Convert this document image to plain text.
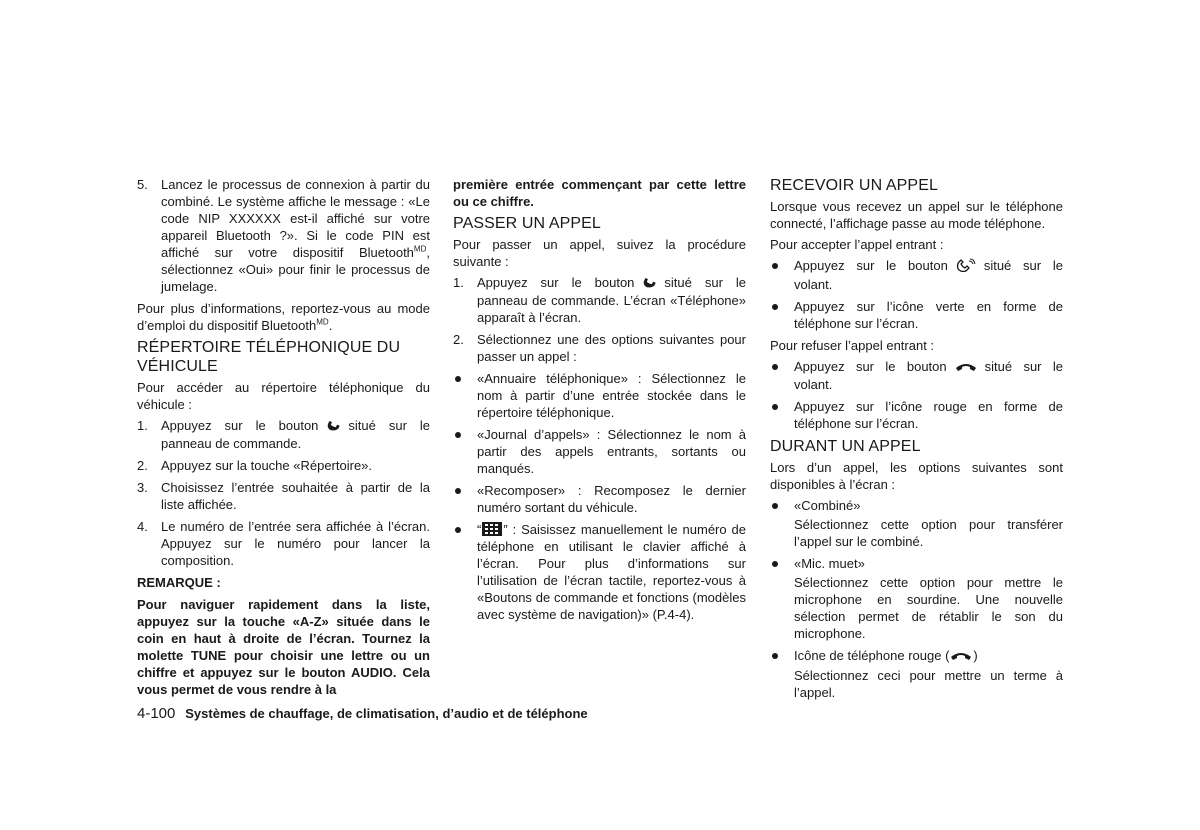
5. Lancez le processus de connexion à partir du combiné. Le système affiche le message : «Le code NIP XXXXXX est-il affiché sur votre appareil Bluetooth ?». Si le code PIN est affiché sur votre dispositif Bluetooth$^{MD}$, sélectionnez «Oui» pour finir le processus de jumelage.

Pour plus d’informations, reportez-vous au mode d’emploi du dispositif Bluetooth$^{MD}$.

RÉPERTOIRE TÉLÉPHONIQUE DU VÉHICULE

Pour accéder au répertoire téléphonique du véhicule :

1. Appuyez sur le bouton situé sur le panneau de commande.
2. Appuyez sur la touche «Répertoire».
3. Choisissez l’entrée souhaitée à partir de la liste affichée.
4. Le numéro de l’entrée sera affichée à l’écran. Appuyez sur le numéro pour lancer la composition.
REMARQUE :

Pour naviguer rapidement dans la liste, appuyez sur la touche «A-Z» située dans le coin en haut à droite de l’écran. Tournez la molette TUNE pour choisir une lettre ou un chiffre et appuyez sur le bouton AUDIO. Cela vous permet de vous rendre à la

première entrée commençant par cette lettre ou ce chiffre.

PASSER UN APPEL

Pour passer un appel, suivez la procédure suivante :

1. Appuyez sur le bouton situé sur le panneau de commande. L’écran «Téléphone» apparaît à l’écran.
2. Sélectionnez une des options suivantes pour passer un appel :
«Annuaire téléphonique» : Sélectionnez le nom à partir d’une entrée stockée dans le répertoire téléphonique.
«Journal d’appels» : Sélectionnez le nom à partir des appels entrants, sortants ou manqués.
«Recomposer» : Recomposez le dernier numéro sortant du véhicule.
“ ” : Saisissez manuellement le numéro de téléphone en utilisant le clavier affiché à l’écran. Pour plus d’informations sur l’utilisation de l’écran tactile, reportez-vous à «Boutons de commande et fonctions (modèles avec système de navigation)» (P.4-4).
RECEVOIR UN APPEL

Lorsque vous recevez un appel sur le téléphone connecté, l’affichage passe au mode téléphone.

Pour accepter l’appel entrant :

Appuyez sur le bouton	situé sur le volant.
Appuyez sur l’icône verte en forme de téléphone sur l’écran.

Pour refuser l’appel entrant :

Appuyez sur le bouton	situé sur le volant.
Appuyez sur l’icône rouge en forme de téléphone sur l’écran.
DURANT UN APPEL

Lors d’un appel, les options suivantes sont disponibles à l’écran :

«Combiné»
Sélectionnez cette option pour transférer l’appel sur le combiné.
«Mic. muet»
Sélectionnez cette option pour mettre le microphone en sourdine. Une nouvelle sélection permet de rétablir le son du microphone.
Icône de téléphone rouge ( )
Sélectionnez ceci pour mettre un terme à l’appel.
4-100 Systèmes de chauffage, de climatisation, d’audio et de téléphone
